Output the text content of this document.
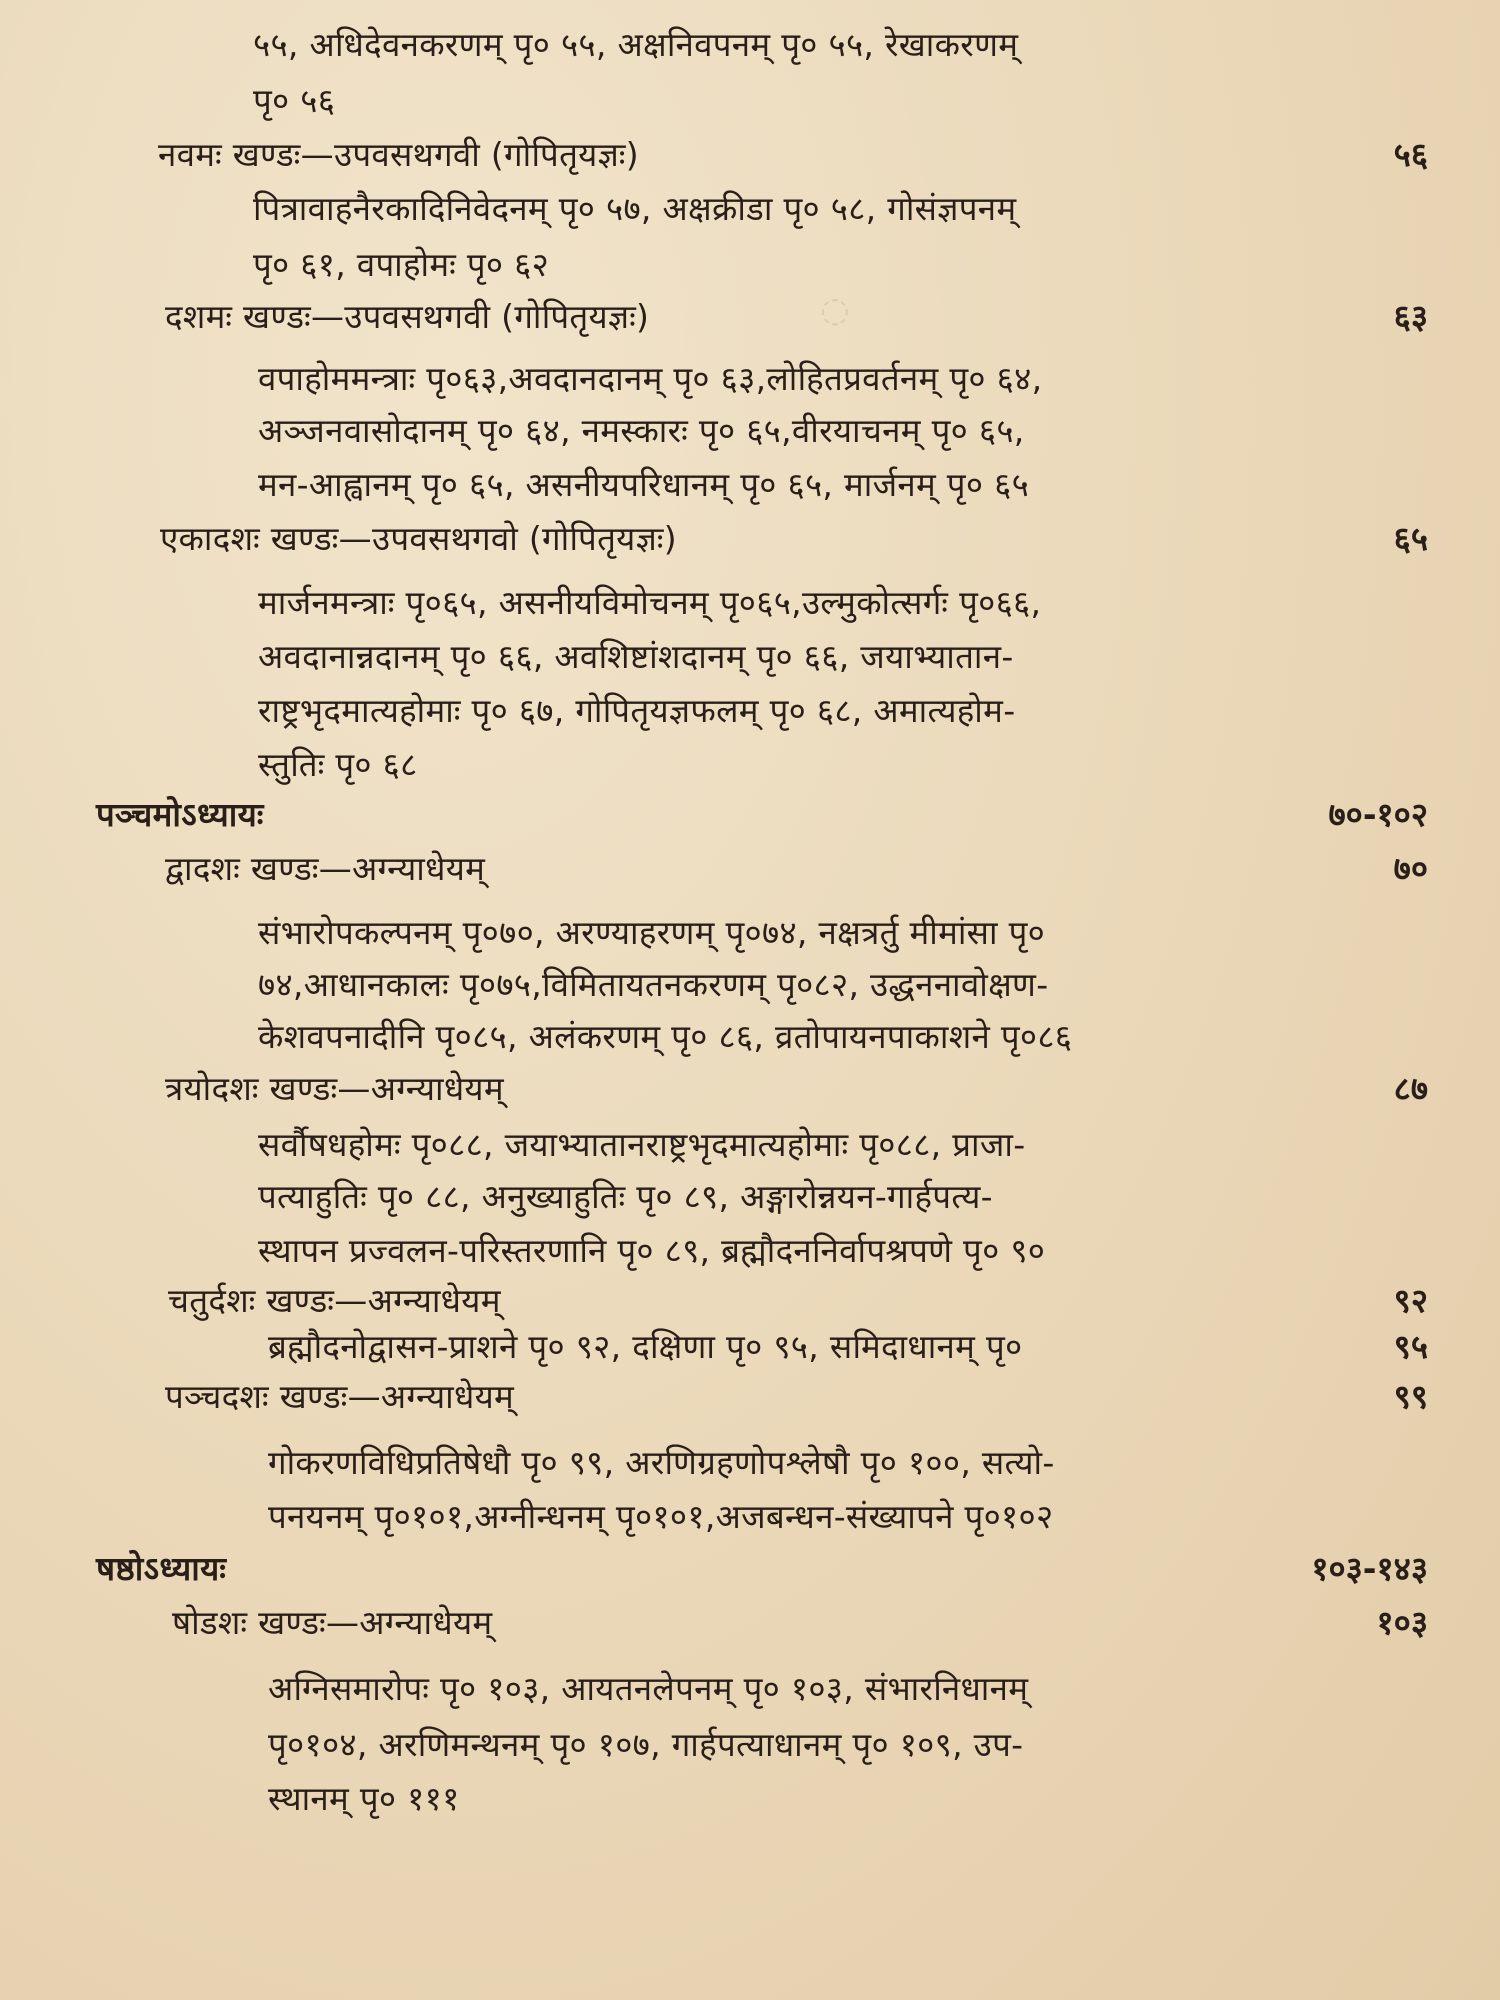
◌
५५, अधिदेवनकरणम् पृ० ५५, अक्षनिवपनम् पृ० ५५, रेखाकरणम्
पृ० ५६
नवमः खण्डः—उपवसथगवी (गोपितृयज्ञः)	५६
पित्रावाहनैरकादिनिवेदनम् पृ० ५७, अक्षक्रीडा पृ० ५८, गोसंज्ञपनम्
पृ० ६१, वपाहोमः पृ० ६२
दशमः खण्डः—उपवसथगवी (गोपितृयज्ञः)	६३
वपाहोममन्त्राः पृ०६३,अवदानदानम् पृ० ६३,लोहितप्रवर्तनम् पृ० ६४,
अञ्जनवासोदानम् पृ० ६४, नमस्कारः पृ० ६५,वीरयाचनम् पृ० ६५,
मन-आह्वानम् पृ० ६५, असनीयपरिधानम् पृ० ६५, मार्जनम् पृ० ६५
एकादशः खण्डः—उपवसथगवो (गोपितृयज्ञः)	६५
मार्जनमन्त्राः पृ०६५, असनीयविमोचनम् पृ०६५,उल्मुकोत्सर्गः पृ०६६,
अवदानान्नदानम् पृ० ६६, अवशिष्टांशदानम् पृ० ६६, जयाभ्यातान-
राष्ट्रभृदमात्यहोमाः पृ० ६७, गोपितृयज्ञफलम् पृ० ६८, अमात्यहोम-
स्तुतिः पृ० ६८
पञ्चमोऽध्यायः	७०-१०२
द्वादशः खण्डः—अग्न्याधेयम्	७०
संभारोपकल्पनम् पृ०७०, अरण्याहरणम् पृ०७४, नक्षत्रर्तु मीमांसा पृ०
७४,आधानकालः पृ०७५,विमितायतनकरणम् पृ०८२, उद्धननावोक्षण-
केशवपनादीनि पृ०८५, अलंकरणम् पृ० ८६, व्रतोपायनपाकाशने पृ०८६
त्रयोदशः खण्डः—अग्न्याधेयम्	८७
सर्वौषधहोमः पृ०८८, जयाभ्यातानराष्ट्रभृदमात्यहोमाः पृ०८८, प्राजा-
पत्याहुतिः पृ० ८८, अनुख्याहुतिः पृ० ८९, अङ्गारोन्नयन-गार्हपत्य-
स्थापन प्रज्वलन-परिस्तरणानि पृ० ८९, ब्रह्मौदननिर्वापश्रपणे पृ० ९०
चतुर्दशः खण्डः—अग्न्याधेयम्	९२
ब्रह्मौदनोद्वासन-प्राशने पृ० ९२, दक्षिणा पृ० ९५, समिदाधानम् पृ०	९५
पञ्चदशः खण्डः—अग्न्याधेयम्	९९
गोकरणविधिप्रतिषेधौ पृ० ९९, अरणिग्रहणोपश्लेषौ पृ० १००, सत्यो-
पनयनम् पृ०१०१,अग्नीन्धनम् पृ०१०१,अजबन्धन-संख्यापने पृ०१०२
षष्ठोऽध्यायः	१०३-१४३
षोडशः खण्डः—अग्न्याधेयम्	१०३
अग्निसमारोपः पृ० १०३, आयतनलेपनम् पृ० १०३, संभारनिधानम्
पृ०१०४, अरणिमन्थनम् पृ० १०७, गार्हपत्याधानम् पृ० १०९, उप-
स्थानम् पृ० १११
